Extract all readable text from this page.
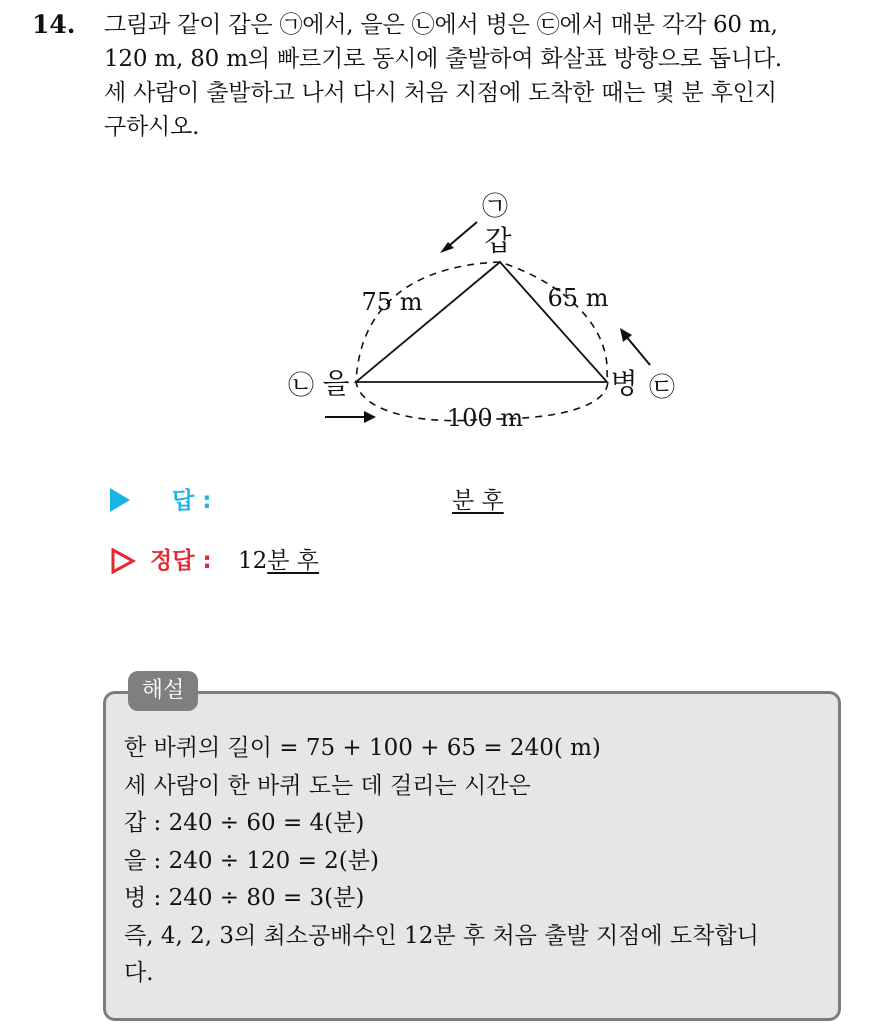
14. 그림과 같이 갑은 ㉠에서, 을은 ㉡에서 병은 ㉢에서 매분 각각 60 m,
120 m, 80 m의 빠르기로 동시에 출발하여 화살표 방향으로 돕니다.
세 사람이 출발하고 나서 다시 처음 지점에 도착한 때는 몇 분 후인지
구하시오.
㉠
갑
㉡ 을	병 ㉢
75 m	65 m
100 m
답 :	분 후
정답 : 12분 후
해설
한 바퀴의 길이 = 75 + 100 + 65 = 240( m)
세 사람이 한 바퀴 도는 데 걸리는 시간은
갑 : 240 ÷ 60 = 4(분)
을 : 240 ÷ 120 = 2(분)
병 : 240 ÷ 80 = 3(분)
즉, 4, 2, 3의 최소공배수인 12분 후 처음 출발 지점에 도착합니
다.
